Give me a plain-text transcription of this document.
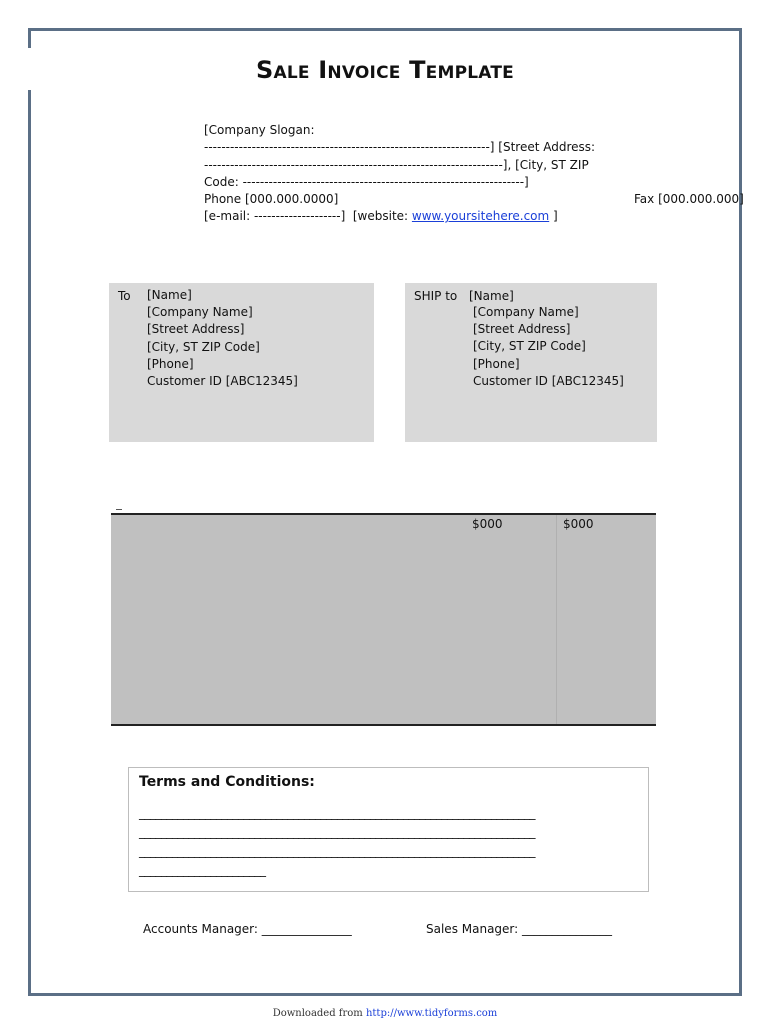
Sale Invoice Template
[Company Slogan:
------------------------------------------------------------------] [Street Address:
---------------------------------------------------------------------], [City, ST ZIP
Code: -----------------------------------------------------------------]
Phone [000.000.0000]	Fax [000.000.000]

[e-mail: --------------------]  [website: www.yoursitehere.com ]
To [Name]
[Company Name]
[Street Address]
[City, ST ZIP Code]
[Phone]
Customer ID [ABC12345]
SHIP to [Name]
[Company Name]
[Street Address]
[City, ST ZIP Code]
[Phone]
Customer ID [ABC12345]
$000	$000
Terms and Conditions:
________________________________________________________________________
________________________________________________________________________
________________________________________________________________________
_______________________
Accounts Manager: _______________	Sales Manager: _______________
Downloaded from http://www.tidyforms.com
